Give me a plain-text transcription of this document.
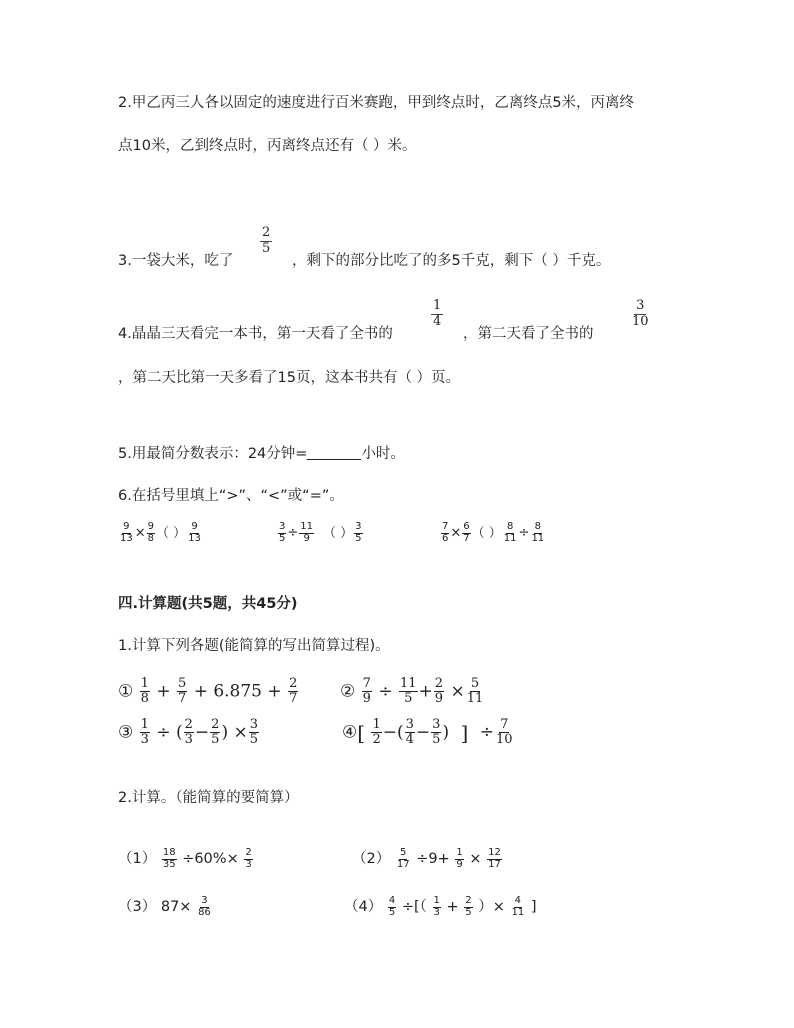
2.甲乙丙三人各以固定的速度进行百米赛跑，甲到终点时，乙离终点5米，丙离终
点10米，乙到终点时，丙离终点还有（ ）米。
3.一袋大米，吃了
$\frac{2}{5}$
，剩下的部分比吃了的多5千克，剩下（ ）千克。
4.晶晶三天看完一本书，第一天看了全书的
$\frac{1}{4}$
，第二天看了全书的
$\frac{3}{10}$
，第二天比第一天多看了15页，这本书共有（ ）页。
5.用最简分数表示：24分钟=	小时。
6.在括号里填上“>”、“<”或“=”。
$\frac{9}{13} \times \frac{9}{8}$ （ ） $\frac{9}{13}$	$\frac{3}{5} \div \frac{11}{9}$ （ ） $\frac{3}{5}$	$\frac{7}{6} \times \frac{6}{7}$ （ ） $\frac{8}{11} \div \frac{8}{11}$
四.计算题(共5题，共45分)
1.计算下列各题(能简算的写出简算过程)。
① $\frac{1}{8} + \frac{5}{7} + 6.875 + \frac{2}{7}$ ② $\frac{7}{9} \div \frac{11}{5} + \frac{2}{9} \times \frac{5}{11}$
③ $\frac{1}{3}$ ÷ ( $\frac{2}{3} - \frac{2}{5}$ ) × $\frac{3}{5}$	④[ $\frac{1}{2}$ −( $\frac{3}{4} - \frac{3}{5}$ ) ] ÷ $\frac{7}{10}$
2.计算。（能简算的要简算）
$(1) \frac{18}{35} \div 60\%\times \frac{2}{3}$	$(2) \frac{5}{17} \div 9+ \frac{1}{9} \times \frac{12}{17}$
（3） $87\times \frac{3}{86}$	$(4) \frac{4}{5}$ ÷[（ $\frac{1}{3} + \frac{2}{5}$ ）× $\frac{4}{11}$ ]
